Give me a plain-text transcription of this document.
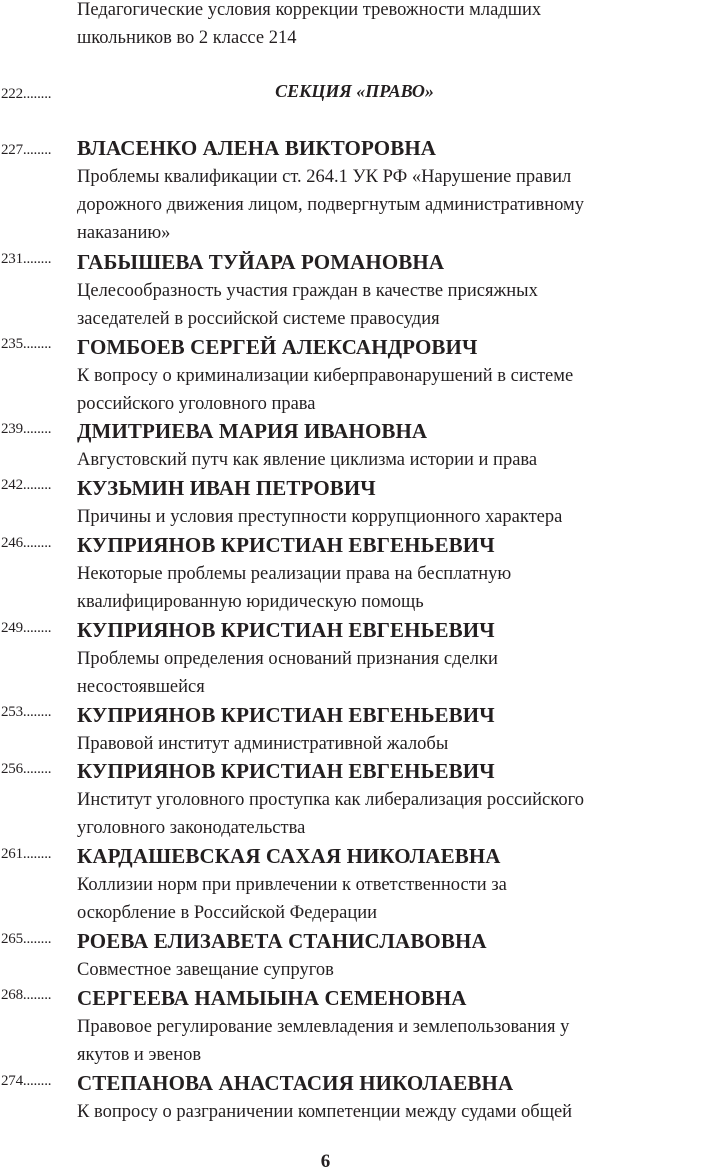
Педагогические условия коррекции тревожности младших
школьников во 2 классе 214
222........	СЕКЦИЯ «ПРАВО»
227........ ВЛАСЕНКО АЛЕНА ВИКТОРОВНА
Проблемы квалификации ст. 264.1 УК РФ «Нарушение правил
дорожного движения лицом, подвергнутым административному
наказанию»
231........ ГАБЫШЕВА ТУЙАРА РОМАНОВНА
Целесообразность участия граждан в качестве присяжных
заседателей в российской системе правосудия
235........ ГОМБОЕВ СЕРГЕЙ АЛЕКСАНДРОВИЧ
К вопросу о криминализации киберправонарушений в системе
российского уголовного права
239........ ДМИТРИЕВА МАРИЯ ИВАНОВНА
Августовский путч как явление циклизма истории и права
242........ КУЗЬМИН ИВАН ПЕТРОВИЧ
Причины и условия преступности коррупционного характера
246........ КУПРИЯНОВ КРИСТИАН ЕВГЕНЬЕВИЧ
Некоторые проблемы реализации права на бесплатную
квалифицированную юридическую помощь
249........ КУПРИЯНОВ КРИСТИАН ЕВГЕНЬЕВИЧ
Проблемы определения оснований признания сделки
несостоявшейся
253........ КУПРИЯНОВ КРИСТИАН ЕВГЕНЬЕВИЧ
Правовой институт административной жалобы
256........ КУПРИЯНОВ КРИСТИАН ЕВГЕНЬЕВИЧ
Институт уголовного проступка как либерализация российского
уголовного законодательства
261........ КАРДАШЕВСКАЯ САХАЯ НИКОЛАЕВНА
Коллизии норм при привлечении к ответственности за
оскорбление в Российской Федерации
265........ РОЕВА ЕЛИЗАВЕТА СТАНИСЛАВОВНА
Совместное завещание супругов
268........ СЕРГЕЕВА НАМЫЫНА СЕМЕНОВНА
Правовое регулирование землевладения и землепользования у
якутов и эвенов
274........ СТЕПАНОВА АНАСТАСИЯ НИКОЛАЕВНА
К вопросу о разграничении компетенции между судами общей
6
